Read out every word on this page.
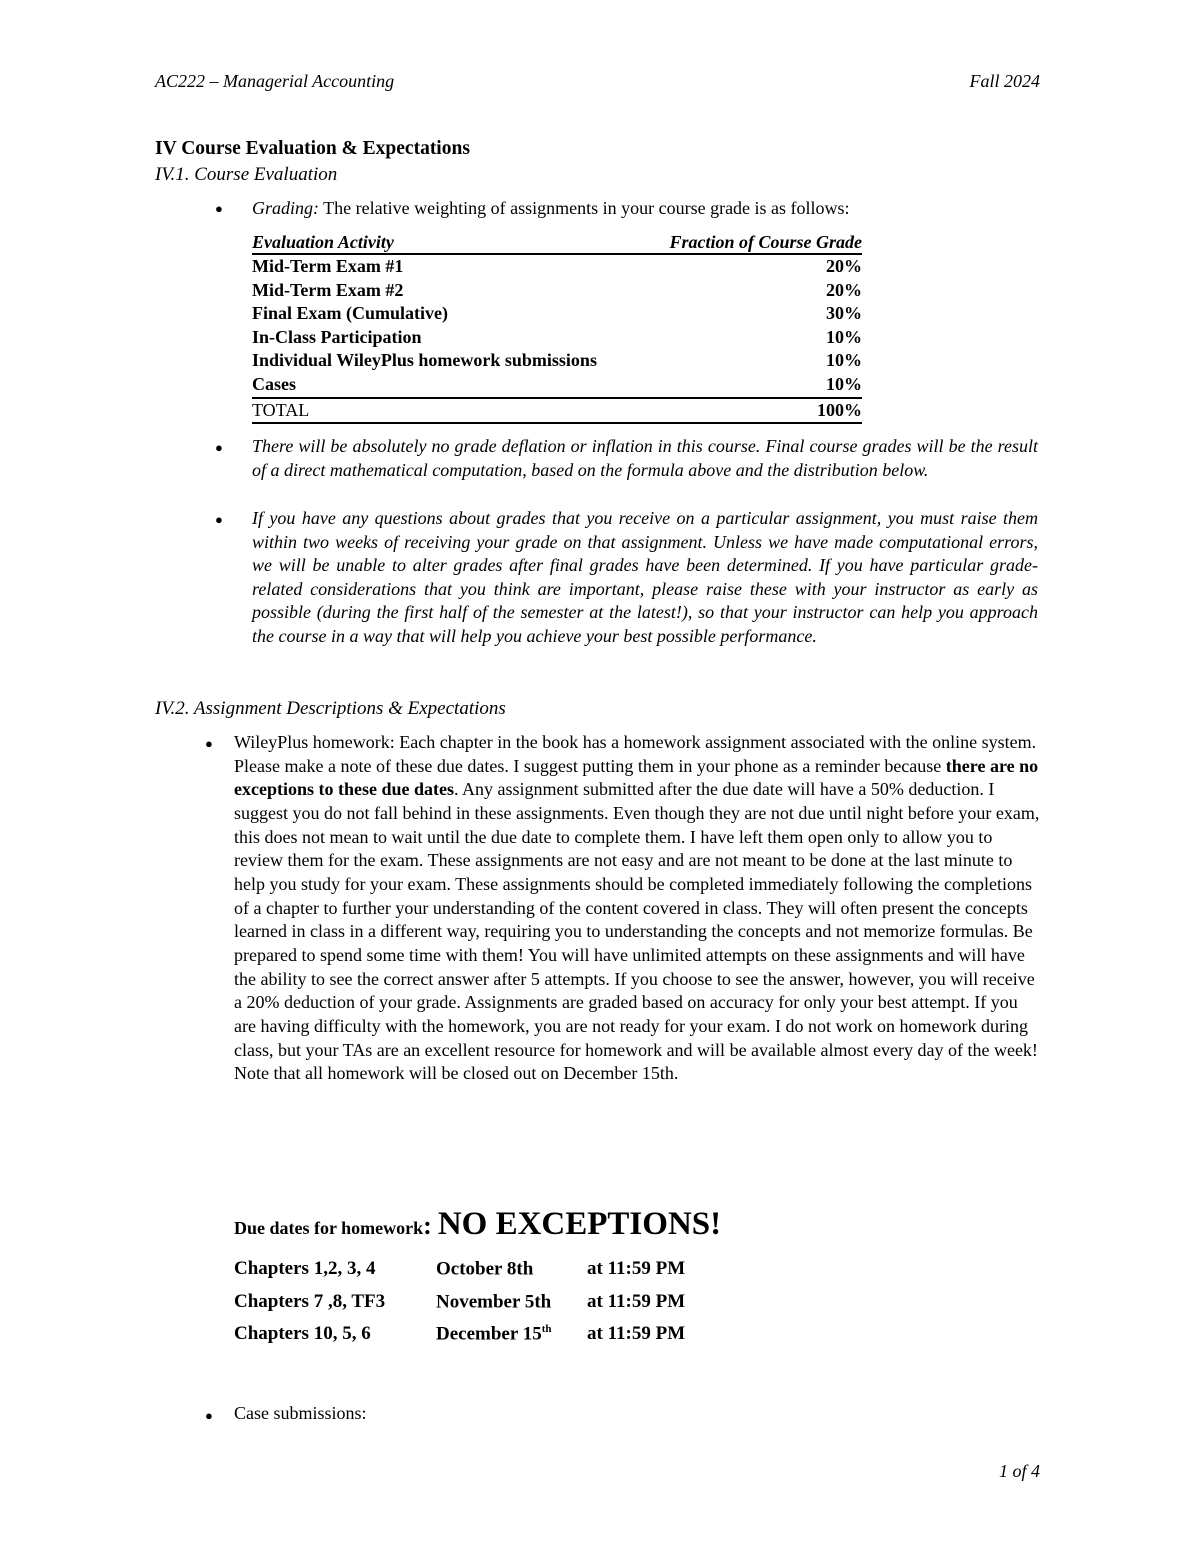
AC222 – Managerial Accounting	Fall 2024
IV Course Evaluation & Expectations
IV.1. Course Evaluation
● Grading: The relative weighting of assignments in your course grade is as follows:
Evaluation Activity	Fraction of Course Grade
Mid-Term Exam #1	20%
Mid-Term Exam #2	20%
Final Exam (Cumulative)	30%
In-Class Participation	10%
Individual WileyPlus homework submissions	10%
Cases	10%
TOTAL	100%
● There will be absolutely no grade deflation or inflation in this course. Final course grades will be the result of a direct mathematical computation, based on the formula above and the distribution below.
● If you have any questions about grades that you receive on a particular assignment, you must raise them within two weeks of receiving your grade on that assignment. Unless we have made computational errors, we will be unable to alter grades after final grades have been determined. If you have particular grade-related considerations that you think are important, please raise these with your instructor as early as possible (during the first half of the semester at the latest!), so that your instructor can help you approach the course in a way that will help you achieve your best possible performance.
IV.2. Assignment Descriptions & Expectations
● WileyPlus homework: Each chapter in the book has a homework assignment associated with the online system. Please make a note of these due dates. I suggest putting them in your phone as a reminder because there are no exceptions to these due dates. Any assignment submitted after the due date will have a 50% deduction. I suggest you do not fall behind in these assignments. Even though they are not due until night before your exam, this does not mean to wait until the due date to complete them. I have left them open only to allow you to review them for the exam. These assignments are not easy and are not meant to be done at the last minute to help you study for your exam. These assignments should be completed immediately following the completions of a chapter to further your understanding of the content covered in class. They will often present the concepts learned in class in a different way, requiring you to understanding the concepts and not memorize formulas. Be prepared to spend some time with them! You will have unlimited attempts on these assignments and will have the ability to see the correct answer after 5 attempts. If you choose to see the answer, however, you will receive a 20% deduction of your grade. Assignments are graded based on accuracy for only your best attempt. If you are having difficulty with the homework, you are not ready for your exam. I do not work on homework during class, but your TAs are an excellent resource for homework and will be available almost every day of the week! Note that all homework will be closed out on December 15th.
Due dates for homework: NO EXCEPTIONS!
Chapters 1,2, 3, 4	October 8th	at 11:59 PM
Chapters 7 ,8, TF3	November 5th at 11:59 PM
Chapters 10, 5, 6	December 15th at 11:59 PM
● Case submissions:
1 of 4
